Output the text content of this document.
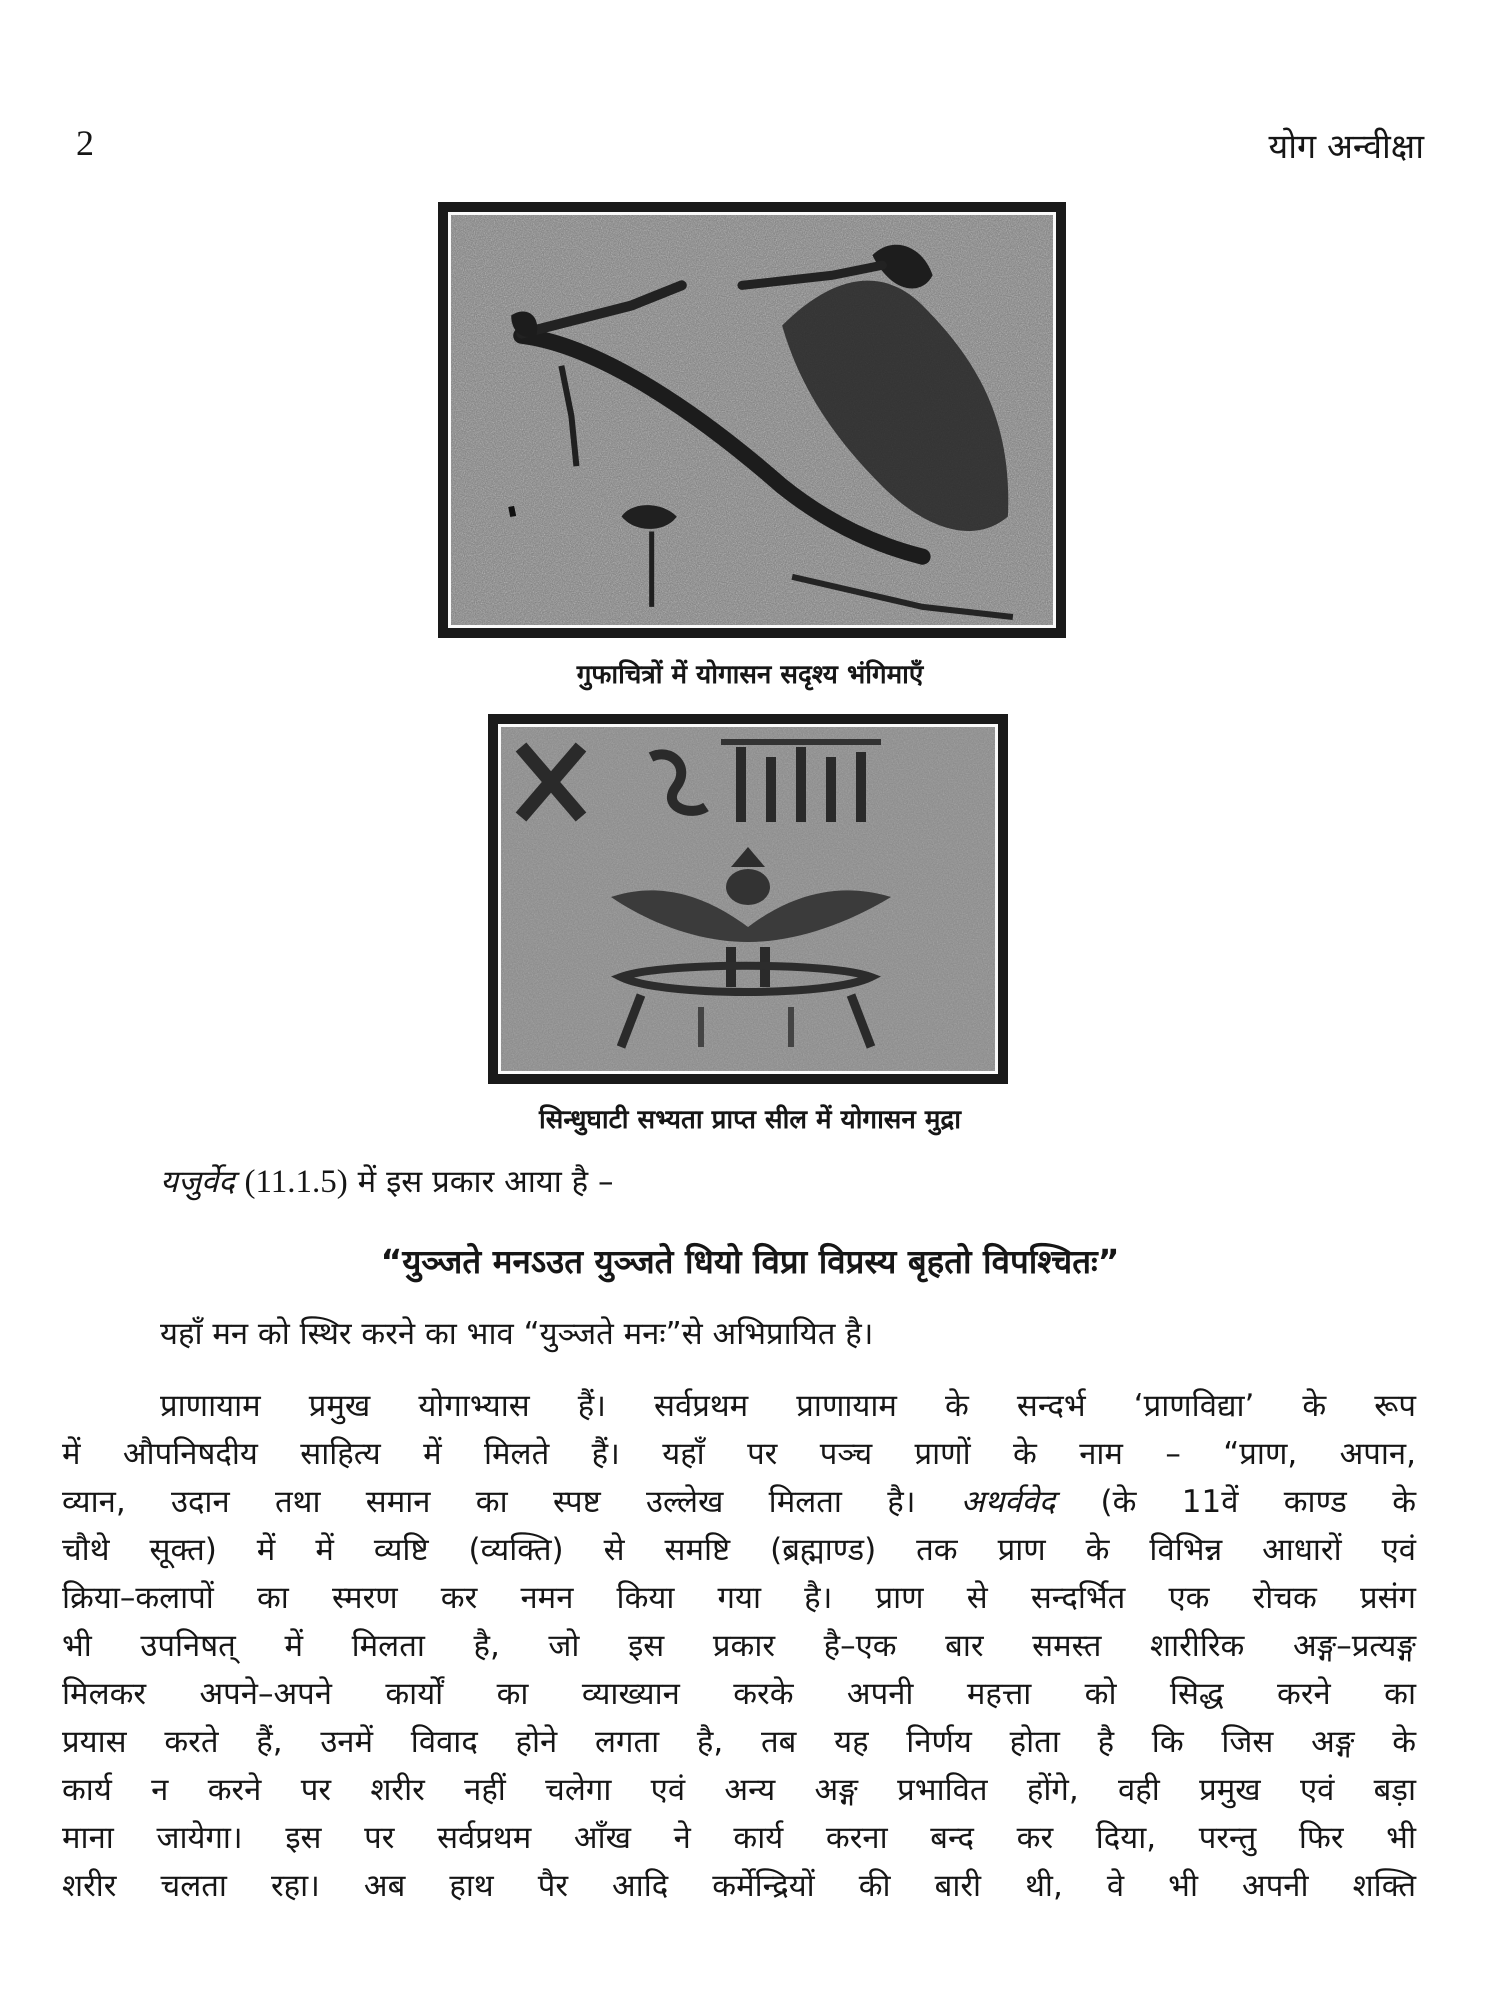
2	योग अन्वीक्षा
गुफाचित्रों में योगासन सदृश्य भंगिमाएँ
सिन्धुघाटी सभ्यता प्राप्त सील में योगासन मुद्रा
यजुर्वेद (11.1.5) में इस प्रकार आया है –
“युञ्जते मनऽउत युञ्जते धियो विप्रा विप्रस्य बृहतो विपश्चितः”
यहाँ मन को स्थिर करने का भाव “युञ्जते मनः”से अभिप्रायित है।
प्राणायाम प्रमुख योगाभ्यास हैं। सर्वप्रथम प्राणायाम के सन्दर्भ ‘प्राणविद्या’ के रूप
में औपनिषदीय साहित्य में मिलते हैं। यहाँ पर पञ्च प्राणों के नाम – “प्राण, अपान,
व्यान, उदान तथा समान का स्पष्ट उल्लेख मिलता है। अथर्ववेद (के 11वें काण्ड के
चौथे सूक्त) में में व्यष्टि (व्यक्ति) से समष्टि (ब्रह्माण्ड) तक प्राण के विभिन्न आधारों एवं
क्रिया–कलापों का स्मरण कर नमन किया गया है। प्राण से सन्दर्भित एक रोचक प्रसंग
भी उपनिषत् में मिलता है, जो इस प्रकार है–एक बार समस्त शारीरिक अङ्ग–प्रत्यङ्ग
मिलकर अपने–अपने कार्यों का व्याख्यान करके अपनी महत्ता को सिद्ध करने का
प्रयास करते हैं, उनमें विवाद होने लगता है, तब यह निर्णय होता है कि जिस अङ्ग के
कार्य न करने पर शरीर नहीं चलेगा एवं अन्य अङ्ग प्रभावित होंगे, वही प्रमुख एवं बड़ा
माना जायेगा। इस पर सर्वप्रथम आँख ने कार्य करना बन्द कर दिया, परन्तु फिर भी
शरीर चलता रहा। अब हाथ पैर आदि कर्मेन्द्रियों की बारी थी, वे भी अपनी शक्ति
